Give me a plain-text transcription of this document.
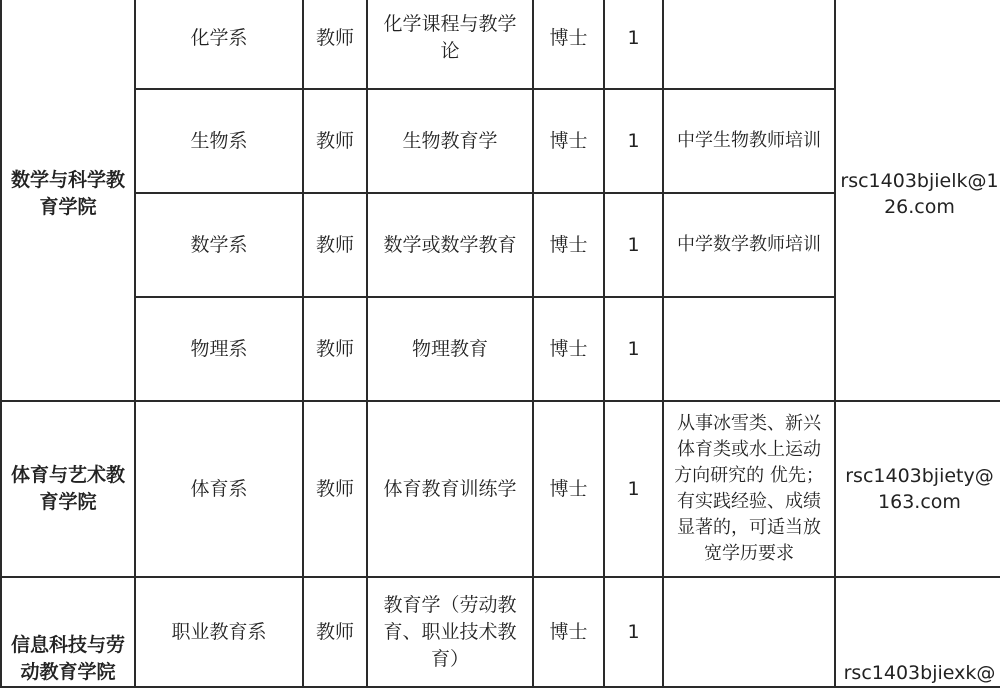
数学与科学教育学院	化学系	教师	化学课程与教学论	博士	1		rsc1403bjielk@126.com
	生物系	教师	生物教育学	博士	1	中学生物教师培训	
	数学系	教师	数学或数学教育	博士	1	中学数学教师培训	
	物理系	教师	物理教育	博士	1		
体育与艺术教育学院	体育系	教师	体育教育训练学	博士	1	从事冰雪类、新兴体育类或水上运动方向研究的 优先；有实践经验、成绩显著的，可适当放宽学历要求	rsc1403bjiety@163.com
信息科技与劳动教育学院	职业教育系	教师	教育学（劳动教育、职业技术教育）	博士	1		rsc1403bjiexk@
